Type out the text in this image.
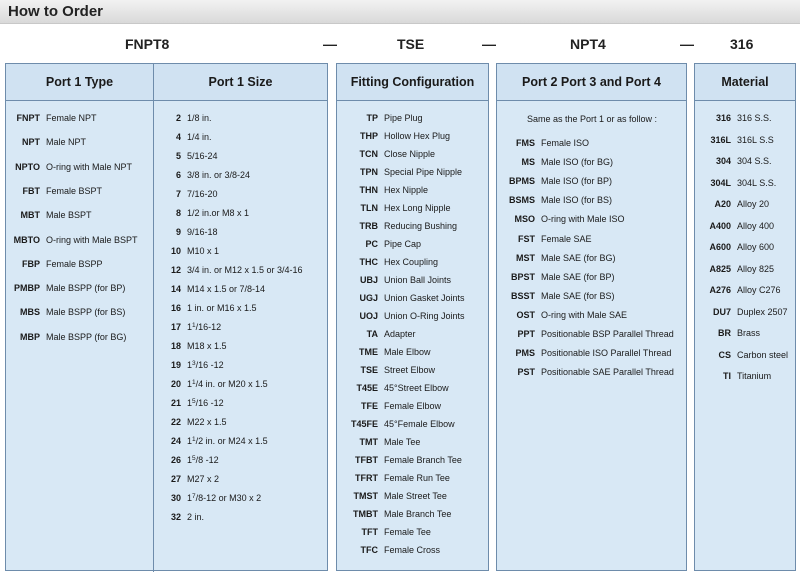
How to Order
FNPT8	—	TSE	—	NPT4	—	316
Port 1 Type	Port 1 Size
FNPT Female NPT
NPT Male NPT
NPTO O-ring with Male NPT
FBT Female BSPT
MBT Male BSPT
MBTO O-ring with Male BSPT
FBP Female BSPP
PMBP Male BSPP (for BP)
MBS Male BSPP (for BS)
MBP Male BSPP (for BG)
2 1/8 in.
4 1/4 in.
5 5/16-24
6 3/8 in. or 3/8-24
7 7/16-20
8 1/2 in.or M8 x 1
9 9/16-18
10 M10 x 1
12 3/4 in. or M12 x 1.5 or 3/4-16
14 M14 x 1.5 or 7/8-14
16 1 in. or M16 x 1.5
17 $1^1/16-12$
18 M18 x 1.5
19 $1^3/16$ -12
20 $1^1/4$ in. or M20 x 1.5
21 $1^5/16$ -12
22 M22 x 1.5
24 $1^1/2$ in. or M24 x 1.5
26 $1^5/8$ -12
27 M27 x 2
30 $1^7/8-12$ or M30 x 2
32 2 in.
Fitting Configuration
TP Pipe Plug
THP Hollow Hex Plug
TCN Close Nipple
TPN Special Pipe Nipple
THN Hex Nipple
TLN Hex Long Nipple
TRB Reducing Bushing
PC Pipe Cap
THC Hex Coupling
UBJ Union Ball Joints
UGJ Union Gasket Joints
UOJ Union O-Ring Joints
TA Adapter
TME Male Elbow
TSE Street Elbow
T45E 45°Street Elbow
TFE Female Elbow
T45FE 45°Female Elbow
TMT Male Tee
TFBT Female Branch Tee
TFRT Female Run Tee
TMST Male Street Tee
TMBT Male Branch Tee
TFT Female Tee
TFC Female Cross
Port 2 Port 3 and Port 4
Same as the Port 1 or as follow :
FMS Female ISO
MS Male ISO (for BG)
BPMS Male ISO (for BP)
BSMS Male ISO (for BS)
MSO O-ring with Male ISO
FST Female SAE
MST Male SAE (for BG)
BPST Male SAE (for BP)
BSST Male SAE (for BS)
OST O-ring with Male SAE
PPT Positionable BSP Parallel Thread
PMS Positionable ISO Parallel Thread
PST Positionable SAE Parallel Thread
Material
316 316 S.S.
316L 316L S.S
304 304 S.S.
304L 304L S.S.
A20 Alloy 20
A400 Alloy 400
A600 Alloy 600
A825 Alloy 825
A276 Alloy C276
DU7 Duplex 2507
BR Brass
CS Carbon steel
TI Titanium
